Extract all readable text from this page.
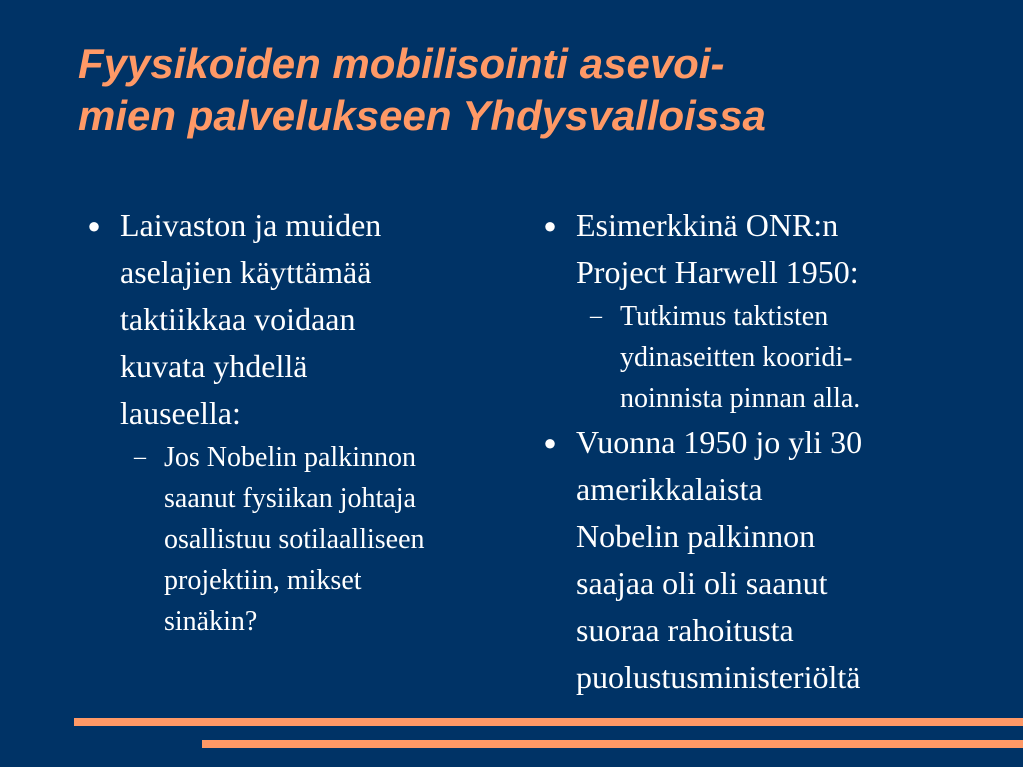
Fyysikoiden mobilisointi asevoi-
mien palvelukseen Yhdysvalloissa
● Laivaston ja muiden
aselajien käyttämää
taktiikkaa voidaan
kuvata yhdellä
lauseella:
– Jos Nobelin palkinnon
saanut fysiikan johtaja
osallistuu sotilaalliseen
projektiin, mikset
sinäkin?
● Esimerkkinä ONR:n
Project Harwell 1950:
– Tutkimus taktisten
ydinaseitten kooridi-
noinnista pinnan alla.
● Vuonna 1950 jo yli 30
amerikkalaista
Nobelin palkinnon
saajaa oli oli saanut
suoraa rahoitusta
puolustusministeriöltä
